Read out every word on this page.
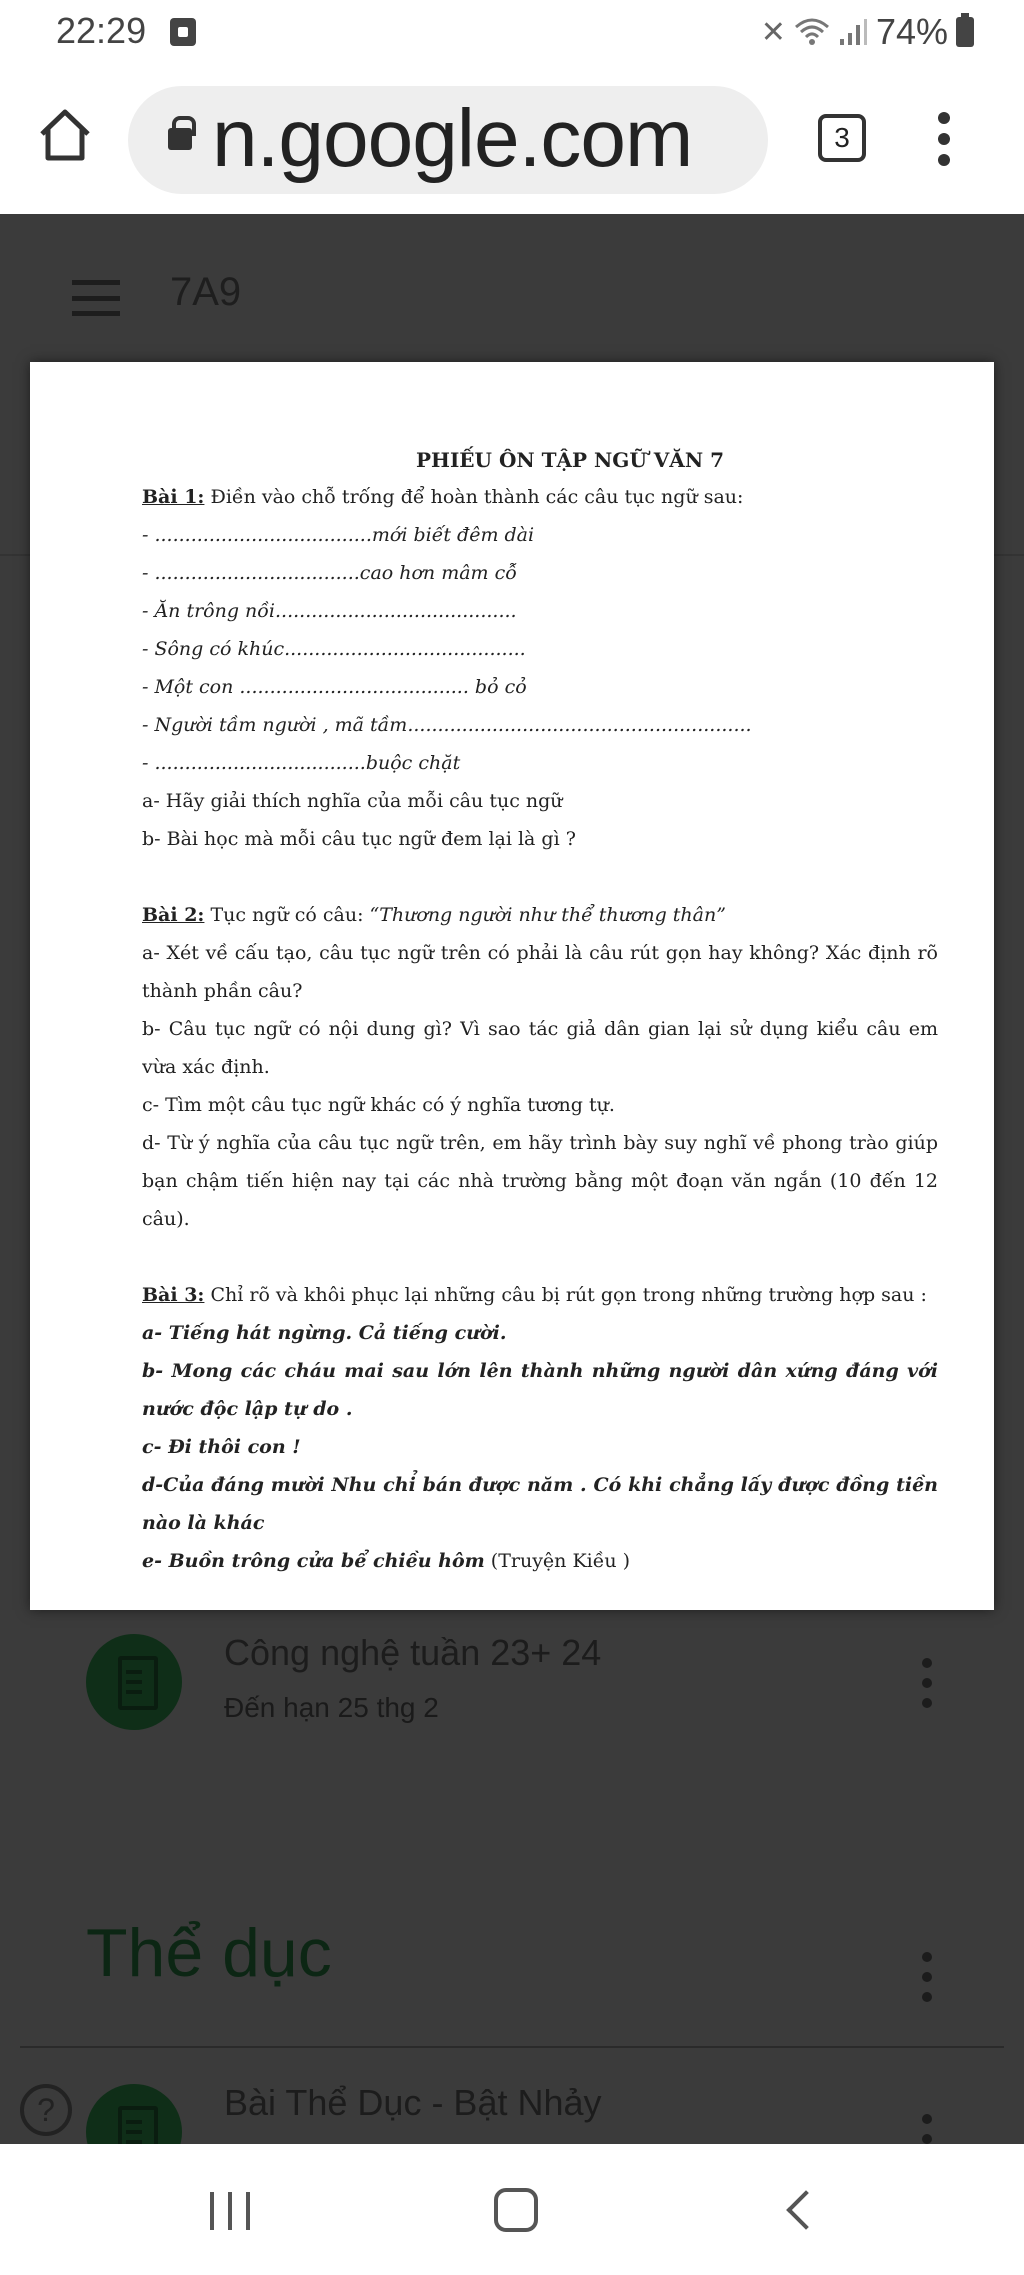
22:29	✕	74%
n.google.com	3
7A9
Công nghệ tuần 23+ 24
Đến hạn 25 thg 2
Thể dục
Bài Thể Dục - Bật Nhảy
?
PHIẾU ÔN TẬP NGỮ VĂN 7
Bài 1: Điền vào chỗ trống để hoàn thành các câu tục ngữ sau:
- ....................................mới biết đêm dài
- ..................................cao hơn mâm cỗ
- Ăn trông nồi........................................
- Sông có khúc........................................
- Một con ...................................... bỏ cỏ
- Người tầm người , mã tầm.........................................................
- ...................................buộc chặt
a- Hãy giải thích nghĩa của mỗi câu tục ngữ
b- Bài học mà mỗi câu tục ngữ đem lại là gì ?
Bài 2: Tục ngữ có câu: “Thương người như thể thương thân”
a- Xét về cấu tạo, câu tục ngữ trên có phải là câu rút gọn hay không? Xác định rõ thành phần câu?
b- Câu tục ngữ có nội dung gì? Vì sao tác giả dân gian lại sử dụng kiểu câu em vừa xác định.
c- Tìm một câu tục ngữ khác có ý nghĩa tương tự.
d- Từ ý nghĩa của câu tục ngữ trên, em hãy trình bày suy nghĩ về phong trào giúp bạn chậm tiến hiện nay tại các nhà trường bằng một đoạn văn ngắn (10 đến 12 câu).
Bài 3: Chỉ rõ và khôi phục lại những câu bị rút gọn trong những trường hợp sau :
a- Tiếng hát ngừng. Cả tiếng cười.
b- Mong các cháu mai sau lớn lên thành những người dân xứng đáng với nước độc lập tự do .
c- Đi thôi con !
d-Của đáng mười Nhu chỉ bán được năm . Có khi chẳng lấy được đồng tiền nào là khác
e- Buồn trông cửa bể chiều hôm (Truyện Kiều )
